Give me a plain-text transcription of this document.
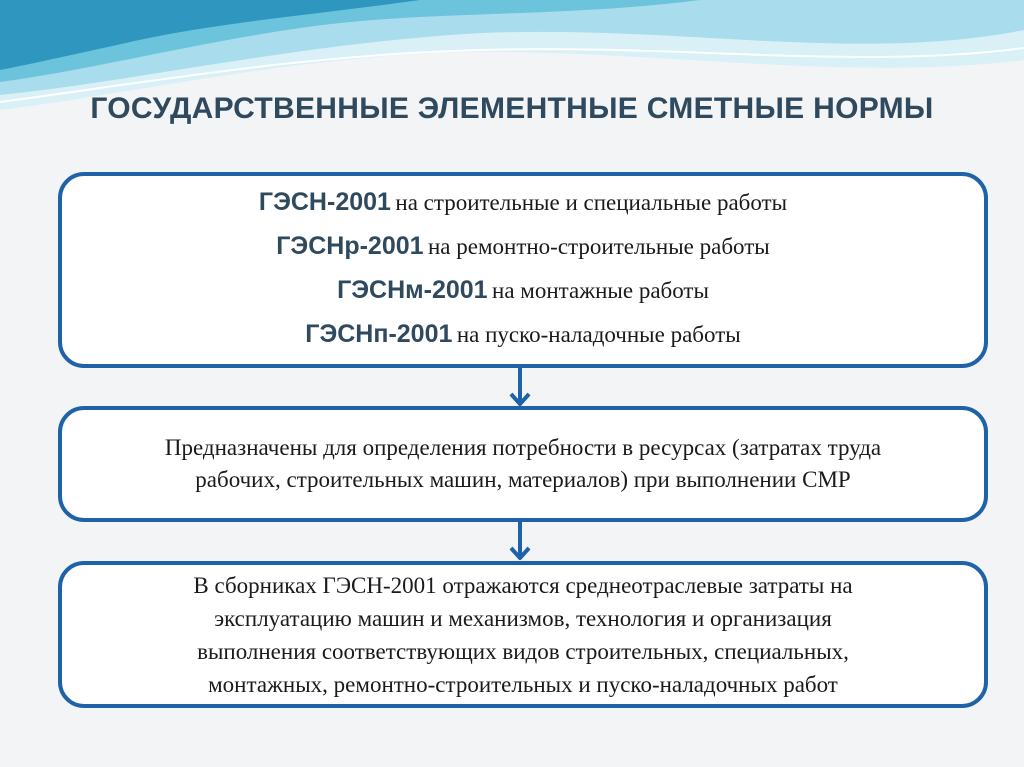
ГОСУДАРСТВЕННЫЕ ЭЛЕМЕНТНЫЕ СМЕТНЫЕ НОРМЫ
ГЭСН-2001 на строительные и специальные работы
ГЭСНр-2001 на ремонтно-строительные работы
ГЭСНм-2001 на монтажные работы
ГЭСНп-2001 на пуско-наладочные работы
Предназначены для определения потребности в ресурсах (затратах труда
рабочих, строительных машин, материалов) при выполнении СМР
В сборниках ГЭСН-2001 отражаются среднеотраслевые затраты на
эксплуатацию машин и механизмов, технология и организация
выполнения соответствующих видов строительных, специальных,
монтажных, ремонтно-строительных и пуско-наладочных работ
